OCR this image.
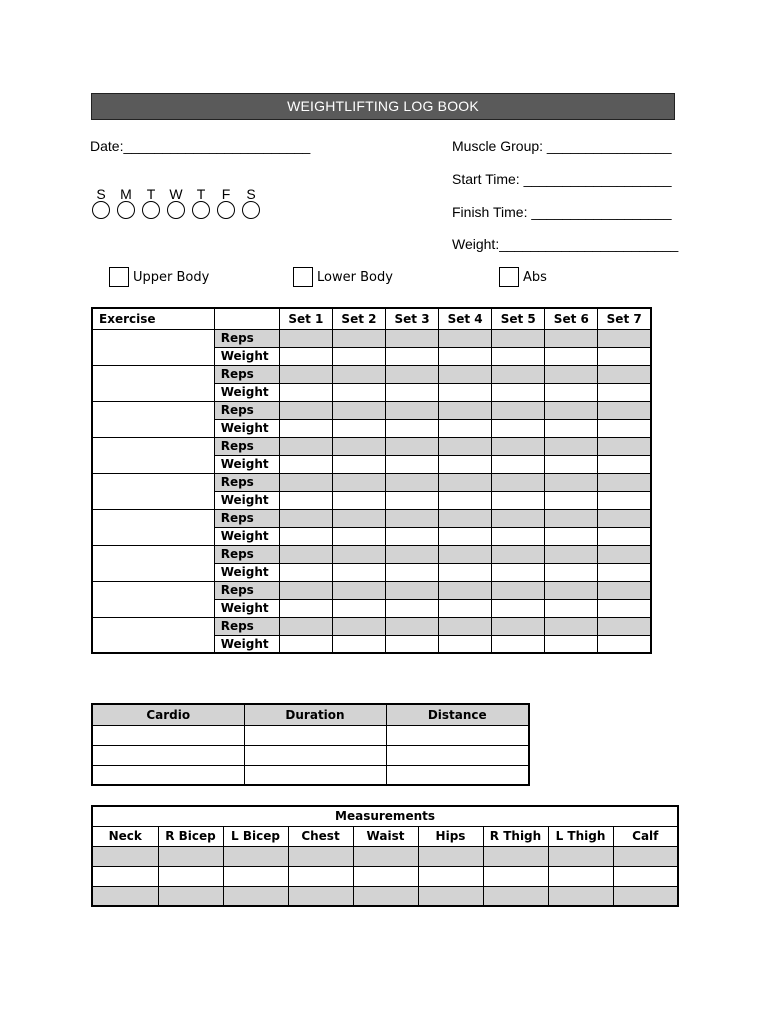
WEIGHTLIFTING LOG BOOK
Date:________________________	Muscle Group: ________________
Start Time: ___________________
Finish Time: __________________
Weight:_______________________
S M T W T F S
Upper Body	Lower Body	Abs
Exercise		Set 1	Set 2	Set 3	Set 4	Set 5	Set 6	Set 7
	Reps							
	Weight							
	Reps							
	Weight							
	Reps							
	Weight							
	Reps							
	Weight							
	Reps							
	Weight							
	Reps							
	Weight							
	Reps							
	Weight							
	Reps							
	Weight							
	Reps							
	Weight							
Cardio	Duration	Distance

Measurements								
Neck	R Bicep	L Bicep	Chest	Waist	Hips	R Thigh	L Thigh	Calf
